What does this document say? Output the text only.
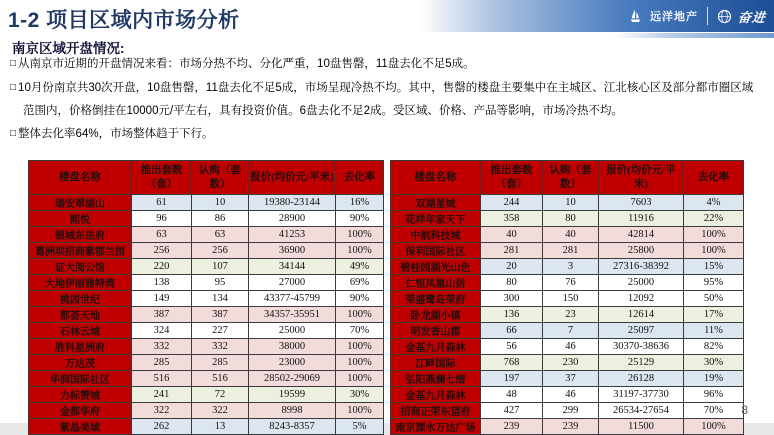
远洋地产	奋进
1-2 项目区域内市场分析
南京区域开盘情况:

□ 从南京市近期的开盘情况来看：市场分热不均、分化严重，10盘售罄，11盘去化不足5成。

□ 10月份南京共30次开盘，10盘售罄，11盘去化不足5成，市场呈现冷热不均。其中，售罄的楼盘主要集中在主城区、江北核心区及部分都市圈区域范围内，价格倒挂在10000元/平左右，具有投资价值。6盘去化不足2成。受区域、价格、产品等影响，市场冷热不均。

□ 整体去化率64%，市场整体趋于下行。

楼盘名称	推出套数（套）	认购（套数）	报价(均价元/平米)	去化率
瑞安翠湖山	61	10	19380-23144	16%
熙悦	96	86	28900	90%
银城东岳府	63	63	41253	100%
葛洲坝招商紫郡兰园	256	256	36900	100%
证大阅公馆	220	107	34144	49%
大地伊丽雅特湾	138	95	27000	69%
桃园世纪	149	134	43377-45799	90%
都荟天地	387	387	34357-35951	100%
石林云城	324	227	25000	70%
胜科星洲府	332	332	38000	100%
万达茂	285	285	23000	100%
华润国际社区	516	516	28502-29069	100%
力标赞城	241	72	19599	30%
金都华府	322	322	8998	100%
紫晶美域	262	13	8243-8357	5%
楼盘名称	推出套数（套）	认购（套数）	报价(均价元/平米)	去化率
双湖星城	244	10	7603	4%
花样年家天下	358	80	11916	22%
中航科技城	40	40	42814	100%
保利国际社区	281	281	25800	100%
碧桂园湖光山色	20	3	27316-38392	15%
仁恒凤凰山居	80	76	25000	95%
荣盛鹭岛荣府	300	150	12092	50%
卧龙湖小镇	136	23	12614	17%
明发香山郡	66	7	25097	11%
金基九月森林	56	46	30370-38636	82%
江畔国际	768	230	25129	30%
弘阳燕澜七缙	197	37	26128	19%
金基九月森林	48	46	31197-37730	96%
招商正荣东望府	427	299	26534-27654	70%
南京溧水万达广场	239	239	11500	100%
8
